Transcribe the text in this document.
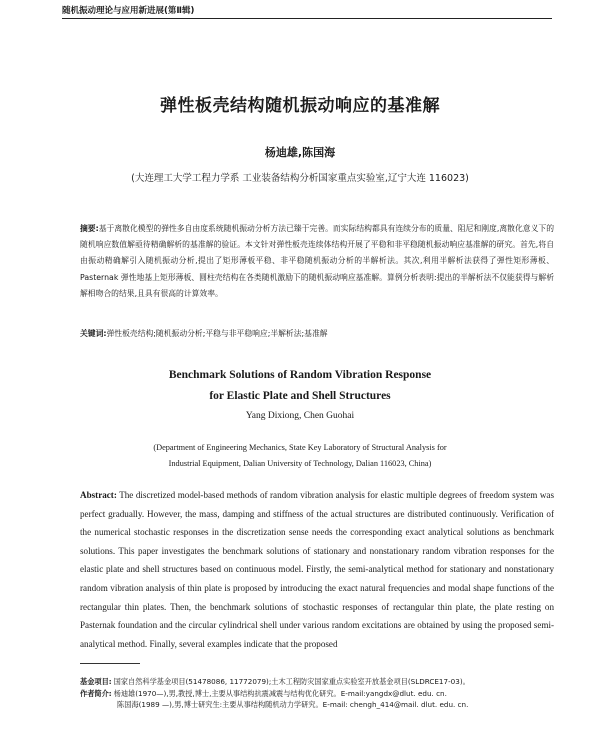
随机振动理论与应用新进展(第Ⅱ辑)
弹性板壳结构随机振动响应的基准解
杨迪雄,陈国海
(大连理工大学工程力学系 工业装备结构分析国家重点实验室,辽宁大连 116023)
摘要:基于离散化模型的弹性多自由度系统随机振动分析方法已臻于完善。而实际结构都具有连续分布的质量、阻尼和刚度,离散化意义下的随机响应数值解亟待精确解析的基准解的验证。本文针对弹性板壳连续体结构开展了平稳和非平稳随机振动响应基准解的研究。首先,将自由振动精确解引入随机振动分析,提出了矩形薄板平稳、非平稳随机振动分析的半解析法。其次,利用半解析法获得了弹性矩形薄板、Pasternak 弹性地基上矩形薄板、圆柱壳结构在各类随机激励下的随机振动响应基准解。算例分析表明:提出的半解析法不仅能获得与解析解相吻合的结果,且具有很高的计算效率。
关键词:弹性板壳结构;随机振动分析;平稳与非平稳响应;半解析法;基准解
Benchmark Solutions of Random Vibration Response
for Elastic Plate and Shell Structures
Yang Dixiong, Chen Guohai
(Department of Engineering Mechanics, State Key Laboratory of Structural Analysis for
Industrial Equipment, Dalian University of Technology, Dalian 116023, China)
Abstract: The discretized model-based methods of random vibration analysis for elastic multiple degrees of freedom system was perfect gradually. However, the mass, damping and stiffness of the actual structures are distributed continuously. Verification of the numerical stochastic responses in the discretization sense needs the corresponding exact analytical solutions as benchmark solutions. This paper investigates the benchmark solutions of stationary and nonstationary random vibration responses for the elastic plate and shell structures based on continuous model. Firstly, the semi-analytical method for stationary and nonstationary random vibration analysis of thin plate is proposed by introducing the exact natural frequencies and modal shape functions of the rectangular thin plates. Then, the benchmark solutions of stochastic responses of rectangular thin plate, the plate resting on Pasternak foundation and the circular cylindrical shell under various random excitations are obtained by using the proposed semi-analytical method. Finally, several examples indicate that the proposed
基金项目: 国家自然科学基金项目(51478086, 11772079);土木工程防灾国家重点实验室开放基金项目(SLDRCE17-03)。
作者简介: 杨迪雄(1970—),男,教授,博士,主要从事结构抗震减震与结构优化研究。E-mail:yangdx@dlut. edu. cn.
陈国海(1989 —),男,博士研究生:主要从事结构随机动力学研究。E-mail: chengh_414@mail. dlut. edu. cn.
